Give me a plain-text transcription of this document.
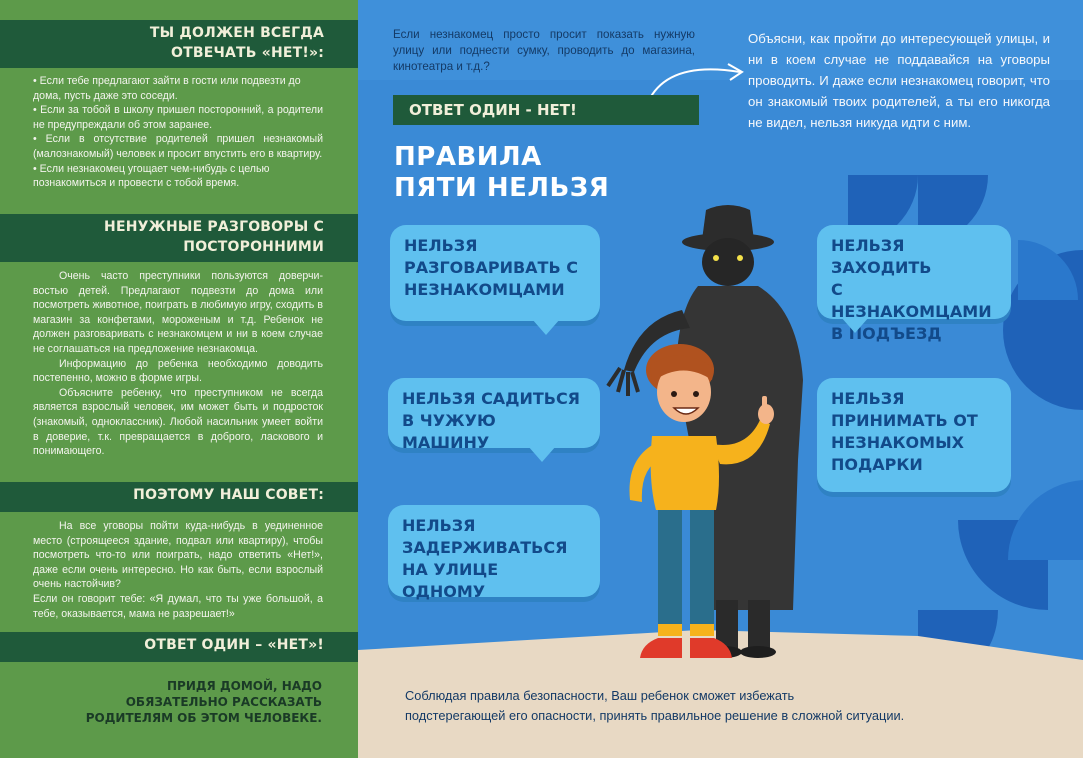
ТЫ ДОЛЖЕН ВСЕГДА
ОТВЕЧАТЬ «НЕТ!»:

• Если тебе предлагают зайти в гости или подвезти до дома, пусть даже это соседи.

• Если за тобой в школу пришел посторонний, а родители не предупреждали об этом заранее.

• Если в отсутствие родителей пришел незнакомый (малознакомый) человек и просит впустить его в квартиру.

• Если незнакомец угощает чем-нибудь с целью познакомиться и провести с тобой время.

НЕНУЖНЫЕ РАЗГОВОРЫ С
ПОСТОРОННИМИ

Очень часто преступники пользуются доверчи-востью детей. Предлагают подвезти до дома или посмотреть животное, поиграть в любимую игру, сходить в магазин за конфетами, мороженым и т.д. Ребенок не должен разговаривать с незнакомцем и ни в коем случае не соглашаться на предложение незнакомца.

Информацию до ребенка необходимо доводить постепенно, можно в форме игры.

Объясните ребенку, что преступником не всегда является взрослый человек, им может быть и подросток (знакомый, одноклассник). Любой насильник умеет войти в доверие, т.к. превращается в доброго, ласкового и понимающего.

ПОЭТОМУ НАШ СОВЕТ:

На все уговоры пойти куда-нибудь в уединенное место (строящееся здание, подвал или квартиру), чтобы посмотреть что-то или поиграть, надо ответить «Нет!», даже если очень интересно. Но как быть, если взрослый очень настойчив?

Если он говорит тебе: «Я думал, что ты уже большой, а тебе, оказывается, мама не разрешает!»

ОТВЕТ ОДИН – «НЕТ»!
ПРИДЯ ДОМОЙ, НАДО
ОБЯЗАТЕЛЬНО РАССКАЗАТЬ
РОДИТЕЛЯМ ОБ ЭТОМ ЧЕЛОВЕКЕ.
Если незнакомец просто просит показать нужную улицу или поднести сумку, проводить до магазина, кинотеатра и т.д.?
Объясни, как пройти до интересующей улицы, и ни в коем случае не поддавайся на уговоры проводить. И даже если незнакомец говорит, что он знакомый твоих родителей, а ты его никогда не видел, нельзя никуда идти с ним.
ОТВЕТ ОДИН - НЕТ!
ПРАВИЛА
ПЯТИ НЕЛЬЗЯ
НЕЛЬЗЯ
РАЗГОВАРИВАТЬ С
НЕЗНАКОМЦАМИ
НЕЛЬЗЯ САДИТЬСЯ
В ЧУЖУЮ МАШИНУ
НЕЛЬЗЯ
ЗАДЕРЖИВАТЬСЯ
НА УЛИЦЕ ОДНОМУ
НЕЛЬЗЯ ЗАХОДИТЬ
С НЕЗНАКОМЦАМИ
В ПОДЪЕЗД
НЕЛЬЗЯ
ПРИНИМАТЬ ОТ
НЕЗНАКОМЫХ
ПОДАРКИ
Соблюдая правила безопасности, Ваш ребенок сможет избежать
подстерегающей его опасности, принять правильное решение в сложной ситуации.
